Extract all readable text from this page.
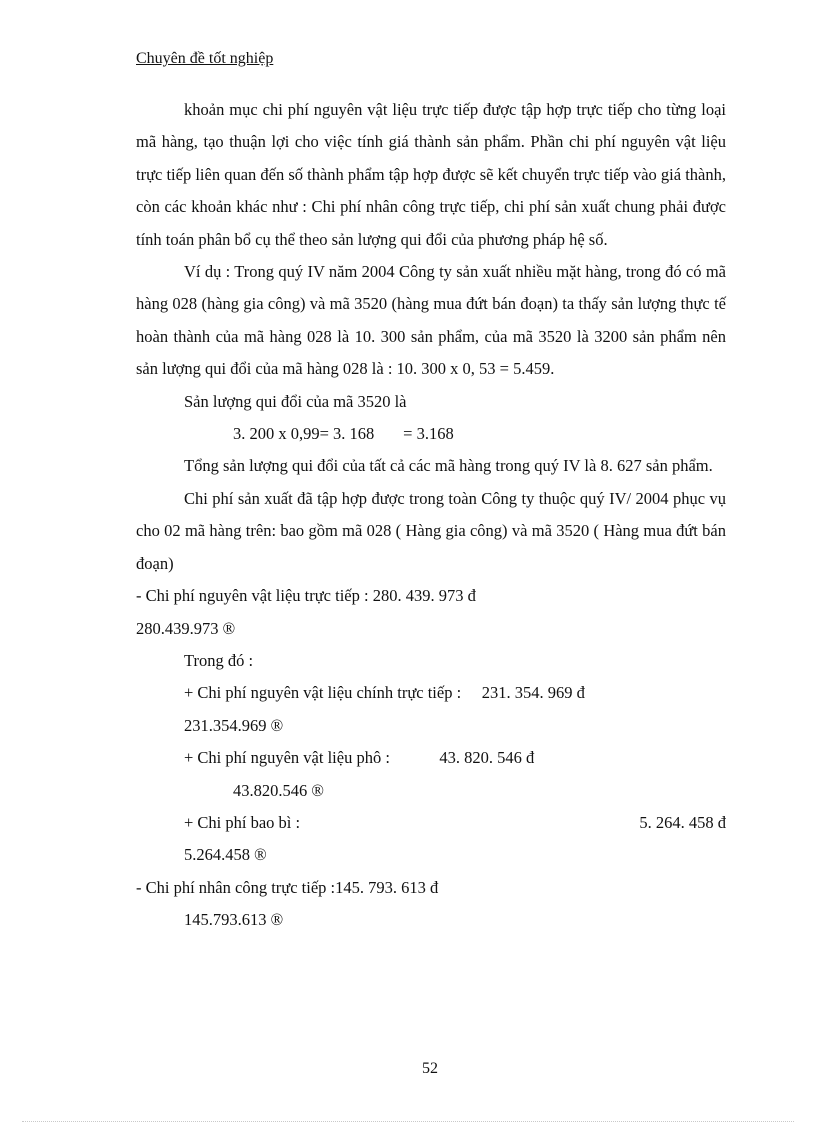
Chuyên đề tốt nghiệp

khoản mục chi phí nguyên vật liệu trực tiếp được tập hợp trực tiếp cho từng loại mã hàng, tạo thuận lợi cho việc tính giá thành sản phẩm. Phần chi phí nguyên vật liệu trực tiếp liên quan đến số thành phẩm tập hợp được sẽ kết chuyển trực tiếp vào giá thành, còn các khoản khác như : Chi phí nhân công trực tiếp, chi phí sản xuất chung phải được tính toán phân bổ cụ thể theo sản lượng qui đổi của phương pháp hệ số.

Ví dụ : Trong quý IV năm 2004 Công ty sản xuất nhiều mặt hàng, trong đó có mã hàng 028 (hàng gia công) và mã 3520 (hàng mua đứt bán đoạn) ta thấy sản lượng thực tế hoàn thành của mã hàng 028 là 10. 300 sản phẩm, của mã 3520 là 3200 sản phẩm nên sản lượng qui đổi của mã hàng 028 là : 10. 300 x 0, 53 = 5.459.

Sản lượng qui đổi của mã 3520 là

3. 200 x 0,99= 3. 168       = 3.168

Tổng sản lượng qui đổi của tất cả các mã hàng trong quý IV là 8. 627 sản phẩm.

Chi phí sản xuất đã tập hợp được trong toàn Công ty thuộc quý IV/ 2004 phục vụ cho 02 mã hàng trên: bao gồm mã 028 ( Hàng gia công) và mã 3520 ( Hàng mua đứt bán đoạn)

- Chi phí nguyên vật liệu trực tiếp : 280. 439. 973 đ

280.439.973 ®

Trong đó :

+ Chi phí nguyên vật liệu chính trực tiếp :     231. 354. 969 đ

231.354.969 ®

+ Chi phí nguyên vật liệu phô :            43. 820. 546 đ

43.820.546 ®

+ Chi phí bao bì :	5. 264. 458 đ

5.264.458 ®

- Chi phí nhân công trực tiếp :145. 793. 613 đ

145.793.613 ®

52
